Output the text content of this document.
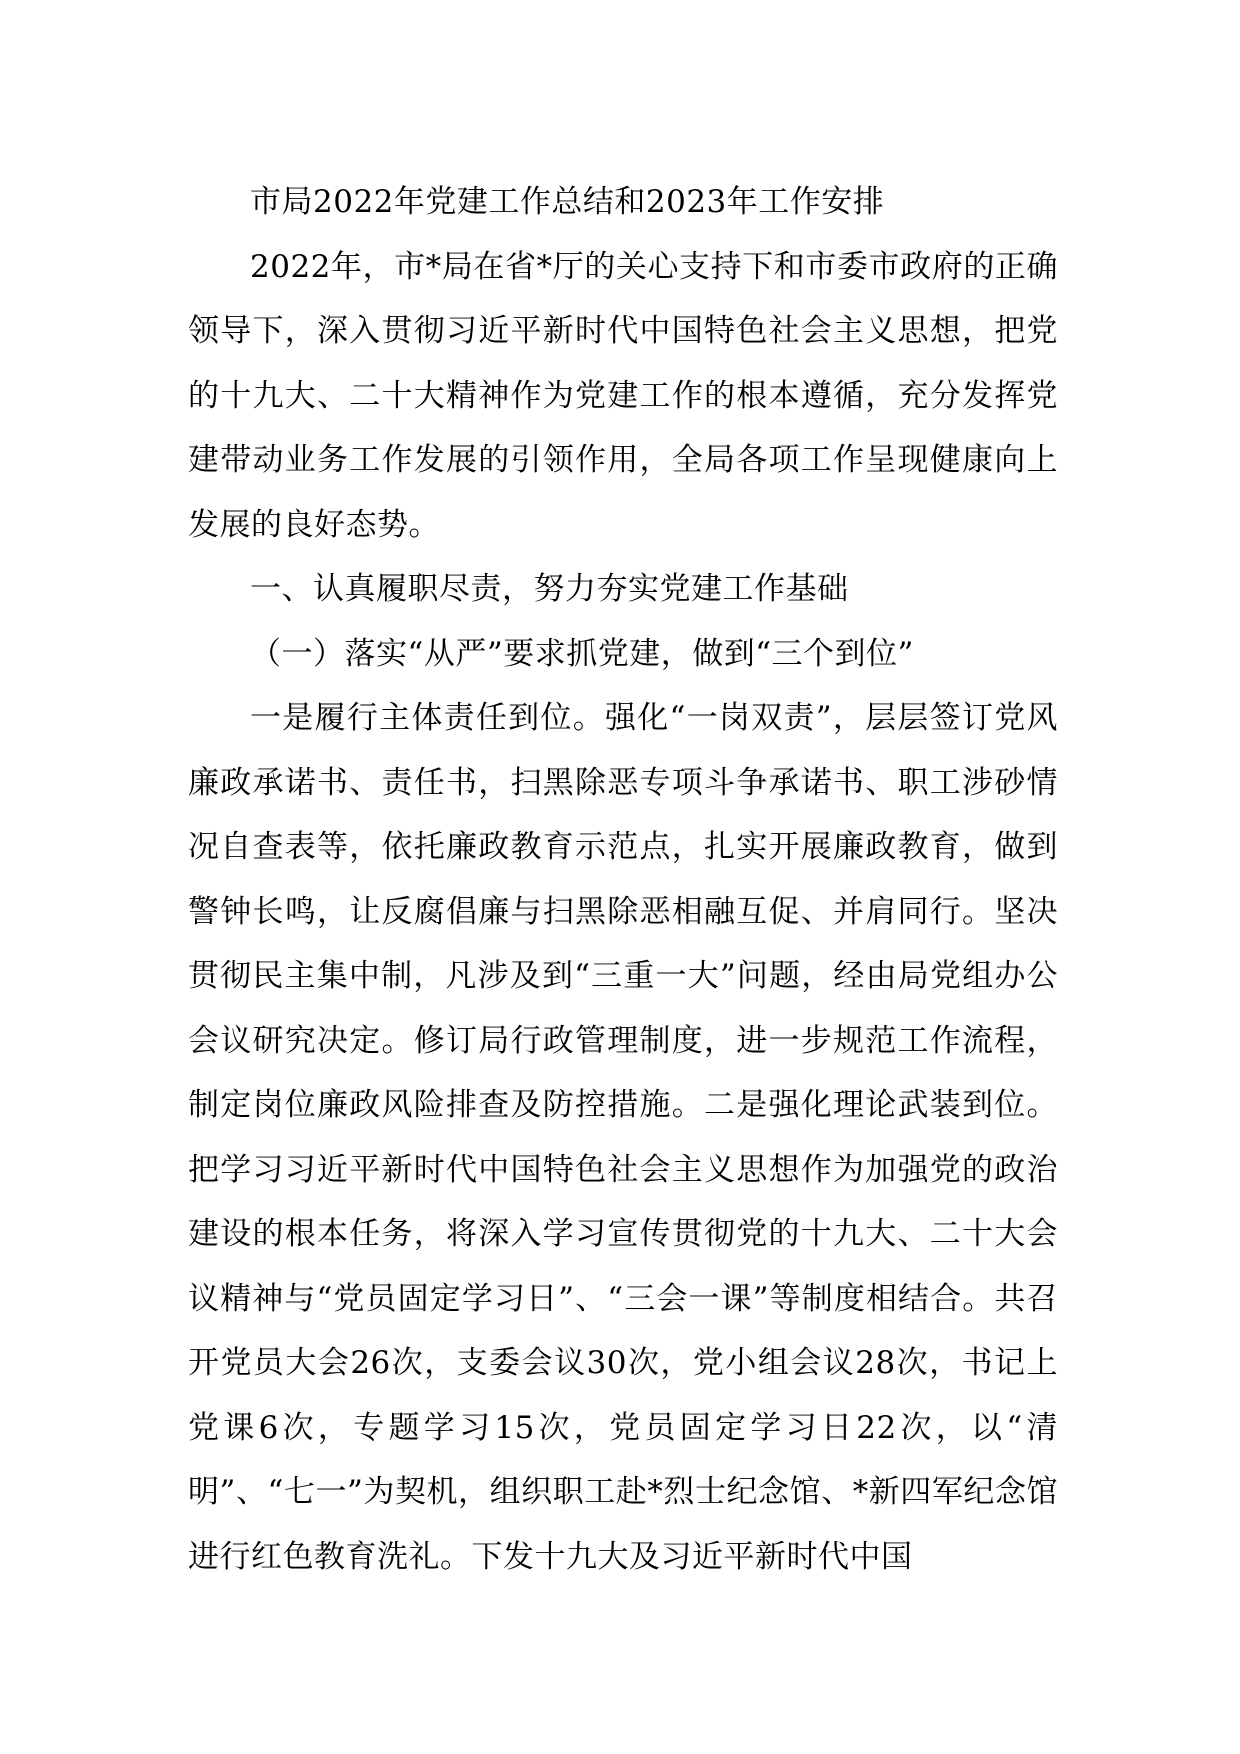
市局2022年党建工作总结和2023年工作安排

2022年，市*局在省*厅的关心支持下和市委市政府的正确领导下，深入贯彻习近平新时代中国特色社会主义思想，把党的十九大、二十大精神作为党建工作的根本遵循，充分发挥党建带动业务工作发展的引领作用，全局各项工作呈现健康向上发展的良好态势。

一、认真履职尽责，努力夯实党建工作基础

（一）落实“从严”要求抓党建，做到“三个到位”

一是履行主体责任到位。强化“一岗双责”，层层签订党风廉政承诺书、责任书，扫黑除恶专项斗争承诺书、职工涉砂情况自查表等，依托廉政教育示范点，扎实开展廉政教育，做到警钟长鸣，让反腐倡廉与扫黑除恶相融互促、并肩同行。坚决贯彻民主集中制，凡涉及到“三重一大”问题，经由局党组办公会议研究决定。修订局行政管理制度，进一步规范工作流程，制定岗位廉政风险排查及防控措施。二是强化理论武装到位。把学习习近平新时代中国特色社会主义思想作为加强党的政治建设的根本任务，将深入学习宣传贯彻党的十九大、二十大会议精神与“党员固定学习日”、“三会一课”等制度相结合。共召开党员大会26次，支委会议30次，党小组会议28次，书记上党课6次，专题学习15次，党员固定学习日22次，以“清明”、“七一”为契机，组织职工赴*烈士纪念馆、*新四军纪念馆进行红色教育洗礼。下发十九大及习近平新时代中国
